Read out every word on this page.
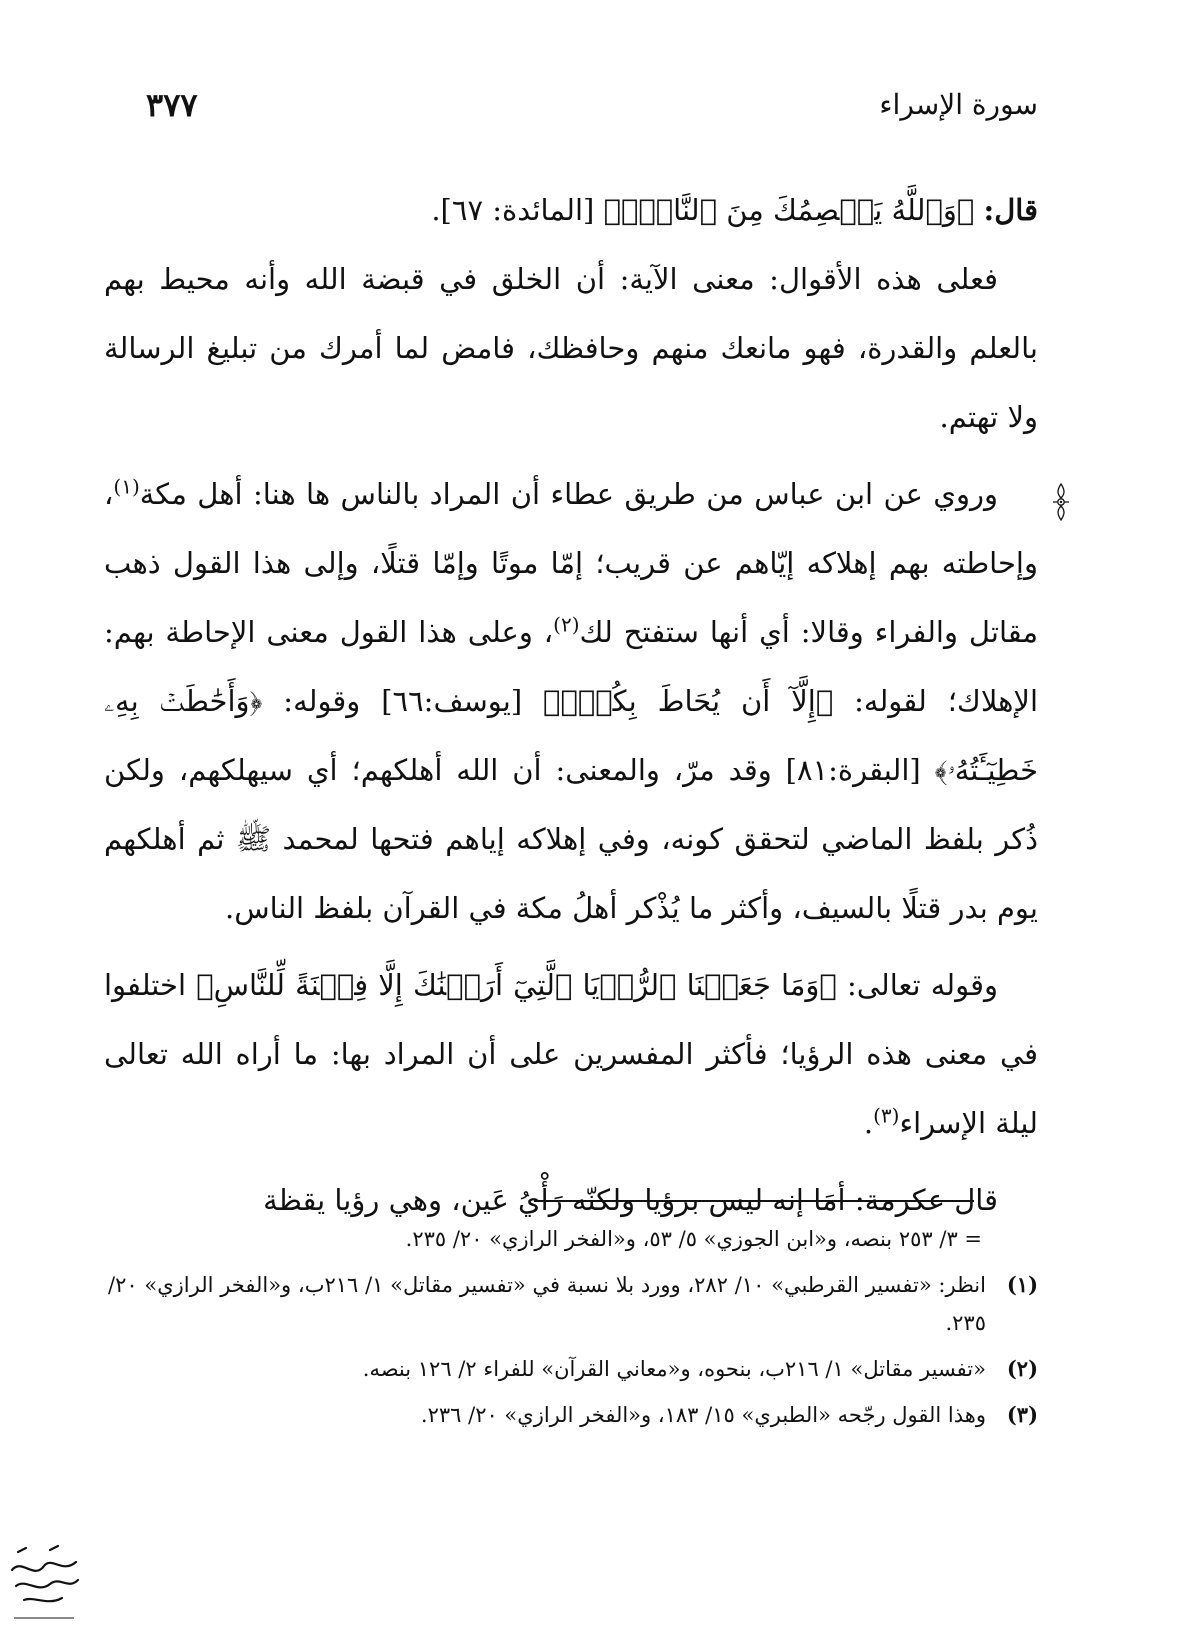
سورة الإسراء
٣٧٧

قال: ﴿وَٱللَّهُ يَعۡصِمُكَ مِنَ ٱلنَّاسِۗ﴾ [المائدة: ٦٧].

فعلى هذه الأقوال: معنى الآية: أن الخلق في قبضة الله وأنه محيط بهم بالعلم والقدرة، فهو مانعك منهم وحافظك، فامض لما أمرك من تبليغ الرسالة ولا تهتم.

وروي عن ابن عباس من طريق عطاء أن المراد بالناس ها هنا: أهل مكة$^{(١)}$، وإحاطته بهم إهلاكه إيّاهم عن قريب؛ إمّا موتًا وإمّا قتلًا، وإلى هذا القول ذهب مقاتل والفراء وقالا: أي أنها ستفتح لك$^{(٢)}$، وعلى هذا القول معنى الإحاطة بهم: الإهلاك؛ لقوله: ﴿إِلَّآ أَن يُحَاطَ بِكُمۡۖ﴾ [يوسف:٦٦] وقوله: ﴿وَأَحَٰطَتۡ بِهِۦ خَطِيٓـَٔتُهُۥ﴾ [البقرة:٨١] وقد مرّ، والمعنى: أن الله أهلكهم؛ أي سيهلكهم، ولكن ذُكر بلفظ الماضي لتحقق كونه، وفي إهلاكه إياهم فتحها لمحمد ﷺ ثم أهلكهم يوم بدر قتلًا بالسيف، وأكثر ما يُذْكر أهلُ مكة في القرآن بلفظ الناس.

وقوله تعالى: ﴿وَمَا جَعَلۡنَا ٱلرُّءۡيَا ٱلَّتِيٓ أَرَيۡنَٰكَ إِلَّا فِتۡنَةً لِّلنَّاسِ﴾ اختلفوا في معنى هذه الرؤيا؛ فأكثر المفسرين على أن المراد بها: ما أراه الله تعالى ليلة الإسراء$^{(٣)}$.

قال عكرمة: أمَا إنه ليس برؤيا ولكنّه رَأْيُ عَين، وهي رؤيا يقظة

= ٣/ ٢٥٣ بنصه، و«ابن الجوزي» ٥/ ٥٣، و«الفخر الرازي» ٢٠/ ٢٣٥.

(١)
انظر: «تفسير القرطبي» ١٠/ ٢٨٢، وورد بلا نسبة في «تفسير مقاتل» ١/ ٢١٦ب، و«الفخر الرازي» ٢٠/ ٢٣٥.
(٢)
«تفسير مقاتل» ١/ ٢١٦ب، بنحوه، و«معاني القرآن» للفراء ٢/ ١٢٦ بنصه.
(٣)
وهذا القول رجّحه «الطبري» ١٥/ ١٨٣، و«الفخر الرازي» ٢٠/ ٢٣٦.
